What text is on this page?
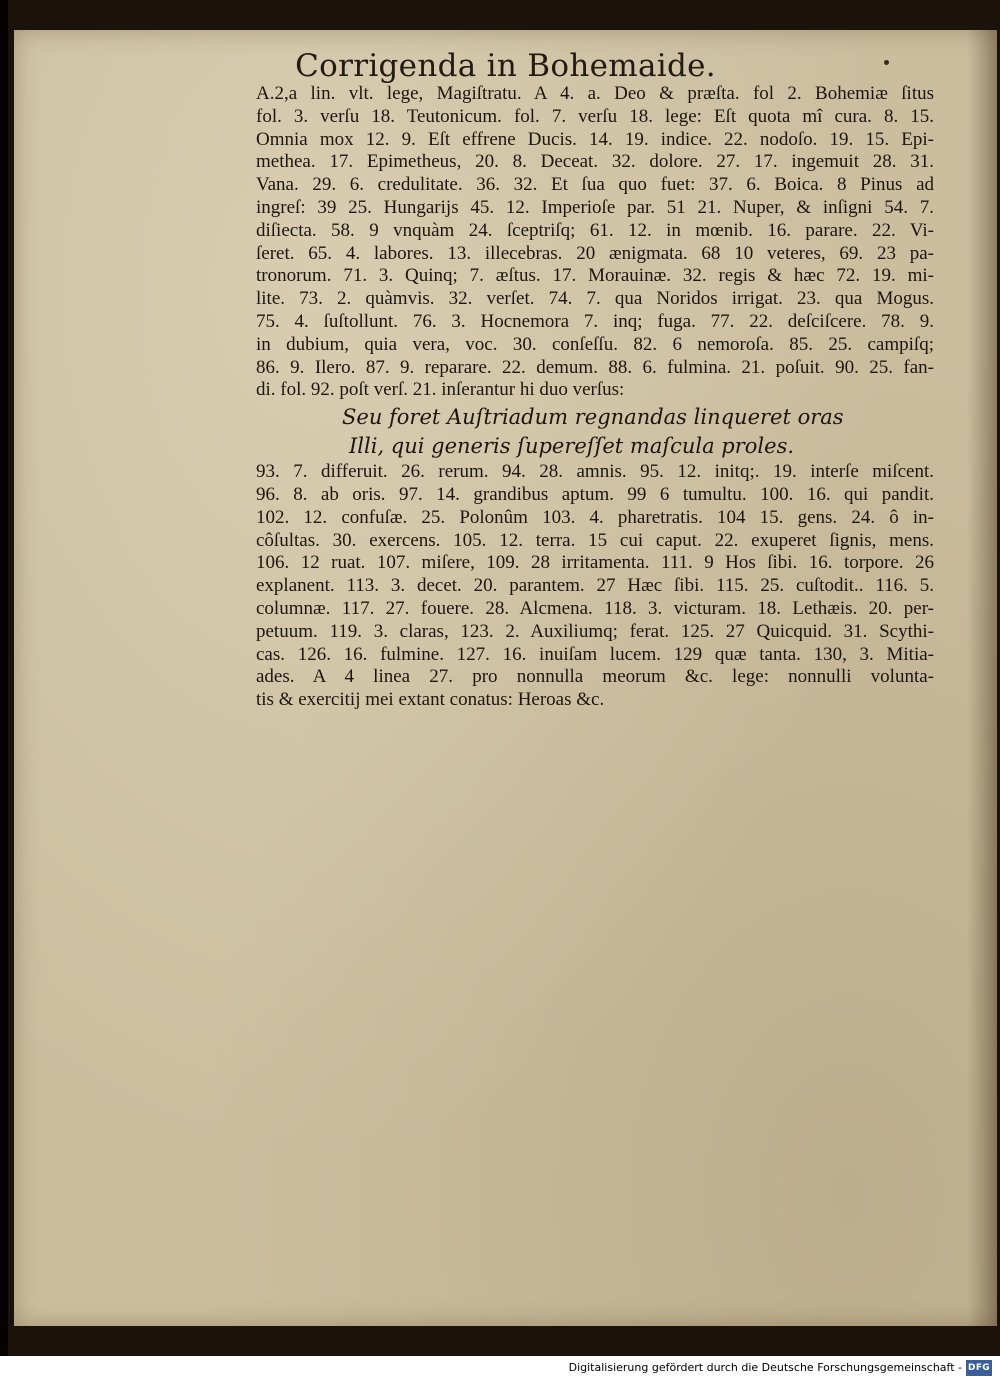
Corrigenda in Bohemaide.
A.2,a lin. vlt. lege, Magiſtratu. A 4. a. Deo & præſta. fol 2. Bohemiæ ſitus
fol. 3. verſu 18. Teutonicum. fol. 7. verſu 18. lege: Eſt quota mî cura. 8. 15.
Omnia mox 12. 9. Eſt effrene Ducis. 14. 19. indice. 22. nodoſo. 19. 15. Epi-
methea. 17. Epimetheus, 20. 8. Deceat. 32. dolore. 27. 17. ingemuit 28. 31.
Vana. 29. 6. credulitate. 36. 32. Et ſua quo fuet: 37. 6. Boica. 8 Pinus ad
ingreſ: 39 25. Hungarijs 45. 12. Imperioſe par. 51 21. Nuper, & inſigni 54. 7.
diſiecta. 58. 9 vnquàm 24. ſceptriſq; 61. 12. in mœnib. 16. parare. 22. Vi-
ſeret. 65. 4. labores. 13. illecebras. 20 ænigmata. 68 10 veteres, 69. 23 pa-
tronorum. 71. 3. Quinq; 7. æſtus. 17. Morauinæ. 32. regis & hæc 72. 19. mi-
lite. 73. 2. quàmvis. 32. verſet. 74. 7. qua Noridos irrigat. 23. qua Mogus.
75. 4. ſuſtollunt. 76. 3. Hocnemora 7. inq; fuga. 77. 22. deſciſcere. 78. 9.
in dubium, quia vera, voc. 30. conſeſſu. 82. 6 nemoroſa. 85. 25. campiſq;
86. 9. Ilero. 87. 9. reparare. 22. demum. 88. 6. fulmina. 21. poſuit. 90. 25. fan-
di. fol. 92. poſt verſ. 21. inſerantur hi duo verſus:
Seu foret Auſtriadum regnandas linqueret oras
Illi, qui generis ſupereſſet maſcula proles.
93. 7. differuit. 26. rerum. 94. 28. amnis. 95. 12. initq;. 19. interſe miſcent.
96. 8. ab oris. 97. 14. grandibus aptum. 99 6 tumultu. 100. 16. qui pandit.
102. 12. confuſæ. 25. Polonûm 103. 4. pharetratis. 104 15. gens. 24. ô in-
côſultas. 30. exercens. 105. 12. terra. 15 cui caput. 22. exuperet ſignis, mens.
106. 12 ruat. 107. miſere, 109. 28 irritamenta. 111. 9 Hos ſibi. 16. torpore. 26
explanent. 113. 3. decet. 20. parantem. 27 Hæc ſibi. 115. 25. cuſtodit.. 116. 5.
columnæ. 117. 27. fouere. 28. Alcmena. 118. 3. victuram. 18. Lethæis. 20. per-
petuum. 119. 3. claras, 123. 2. Auxiliumq; ferat. 125. 27 Quicquid. 31. Scythi-
cas. 126. 16. fulmine. 127. 16. inuiſam lucem. 129 quæ tanta. 130, 3. Mitia-
ades. A 4 linea 27. pro nonnulla meorum &c. lege: nonnulli volunta-
tis & exercitij mei extant conatus: Heroas &c.
Digitalisierung gefördert durch die Deutsche Forschungsgemeinschaft - DFG
